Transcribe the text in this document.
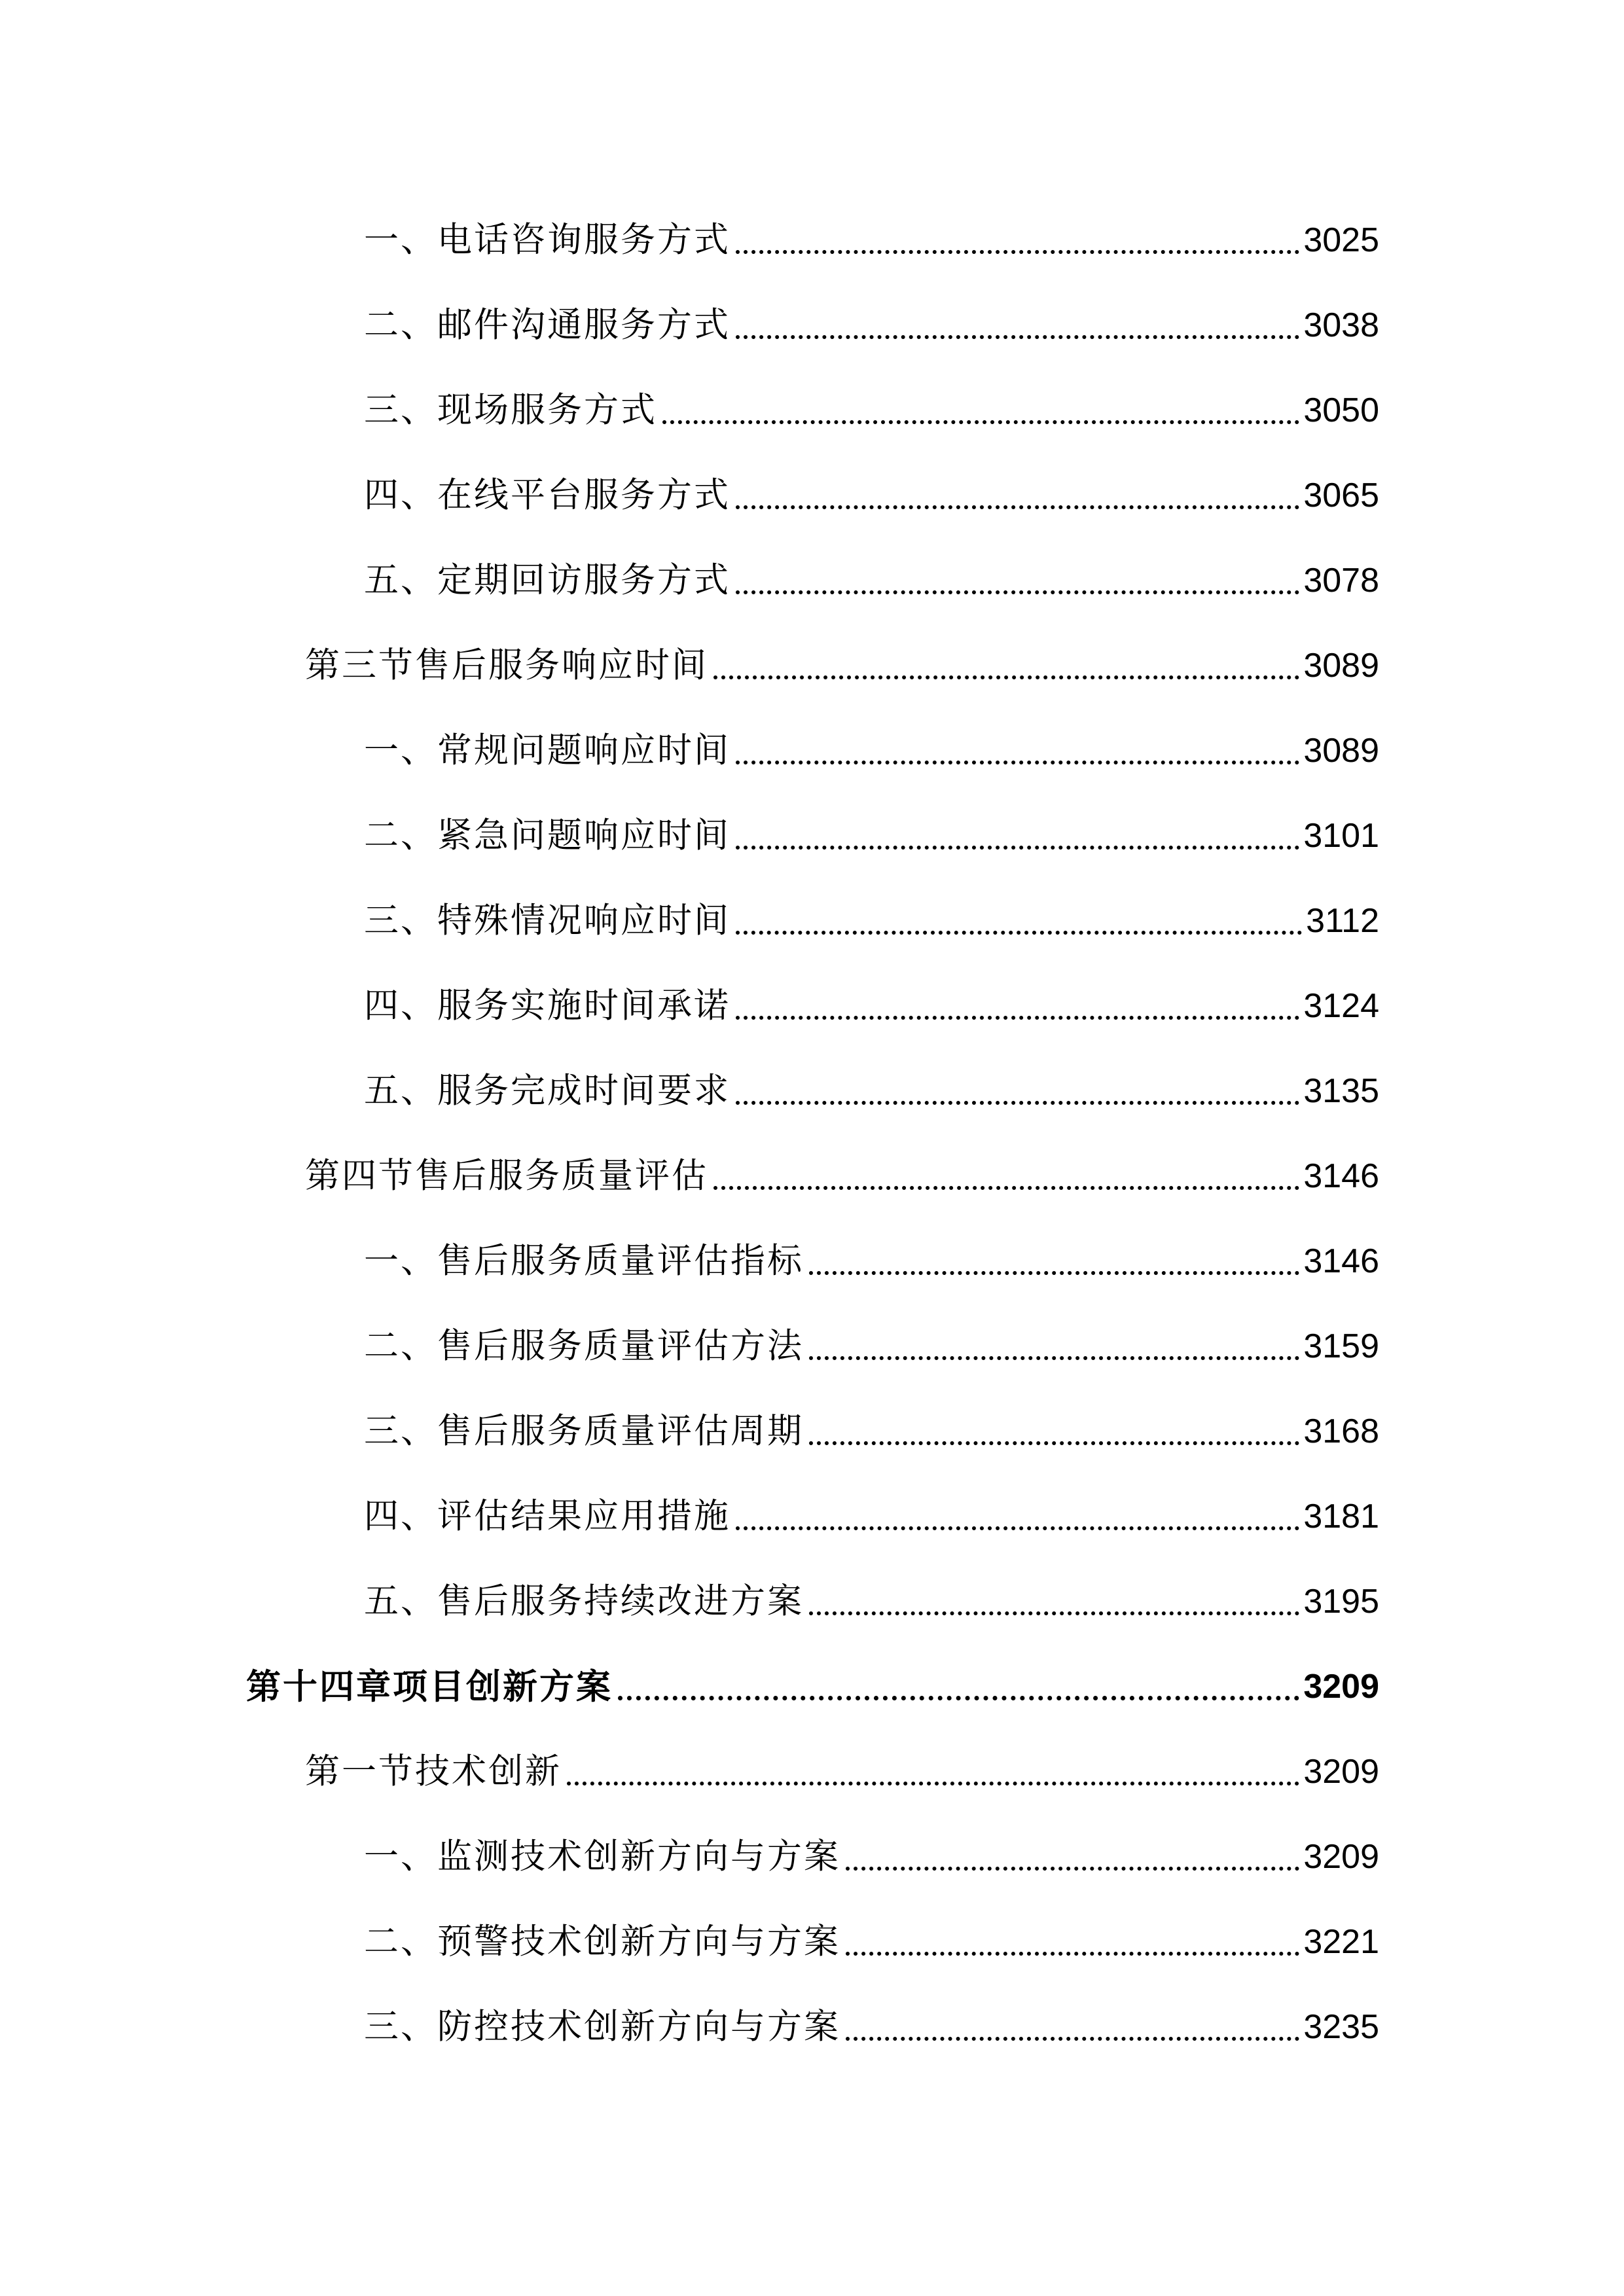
一、电话咨询服务方式	3025
二、邮件沟通服务方式	3038
三、现场服务方式	3050
四、在线平台服务方式	3065
五、定期回访服务方式	3078
第三节售后服务响应时间	3089
一、常规问题响应时间	3089
二、紧急问题响应时间	3101
三、特殊情况响应时间	3112
四、服务实施时间承诺	3124
五、服务完成时间要求	3135
第四节售后服务质量评估	3146
一、售后服务质量评估指标	3146
二、售后服务质量评估方法	3159
三、售后服务质量评估周期	3168
四、评估结果应用措施	3181
五、售后服务持续改进方案	3195
第十四章项目创新方案	3209
第一节技术创新	3209
一、监测技术创新方向与方案	3209
二、预警技术创新方向与方案	3221
三、防控技术创新方向与方案	3235
